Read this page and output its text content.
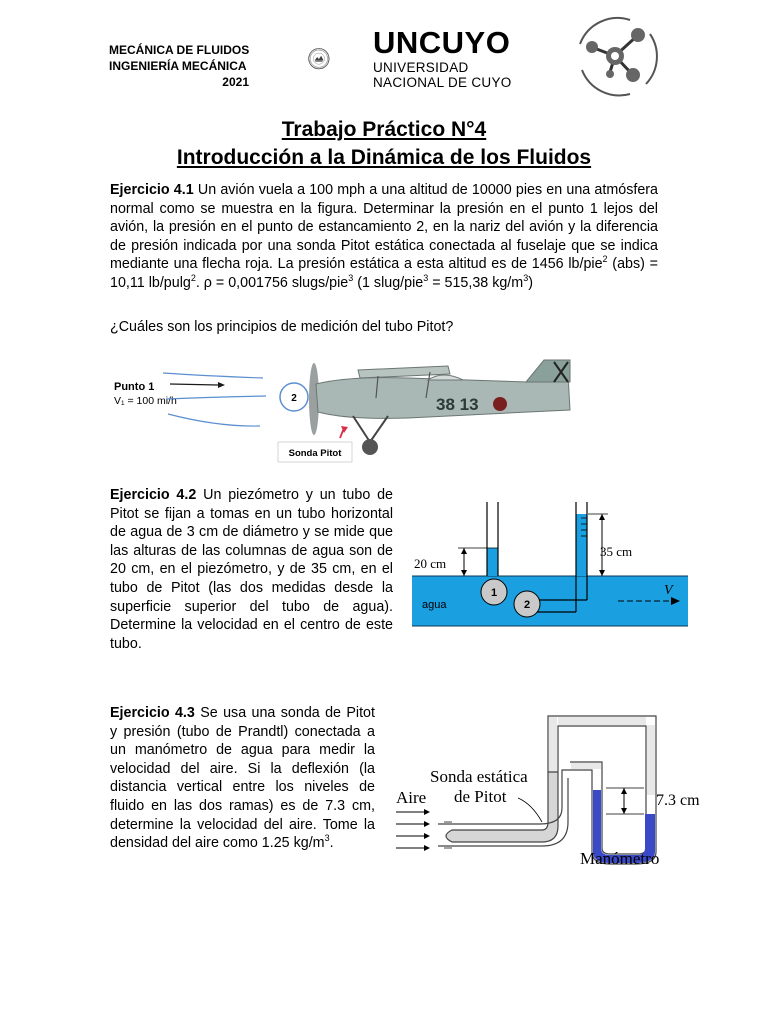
MECÁNICA DE FLUIDOS
INGENIERÍA MECÁNICA
2021
UNCUYO
UNIVERSIDAD
NACIONAL DE CUYO
Trabajo Práctico N°4
Introducción a la Dinámica de los Fluidos
Ejercicio 4.1 Un avión vuela a 100 mph a una altitud de 10000 pies en una atmósfera normal como se muestra en la figura. Determinar la presión en el punto 1 lejos del avión, la presión en el punto de estancamiento 2, en la nariz del avión y la diferencia de presión indicada por una sonda Pitot estática conectada al fuselaje que se indica mediante una flecha roja. La presión estática a esta altitud es de 1456 lb/pie$^2$ (abs) = 10,11 lb/pulg$^2$. ρ = 0,001756 slugs/pie$^3$ (1 slug/pie$^3$ = 515,38 $kg/m^3$)
¿Cuáles son los principios de medición del tubo Pitot?
Punto 1
V₁ = 100 mi/h	2	38 13
Sonda Pitot
Ejercicio 4.2 Un piezómetro y un tubo de Pitot se fijan a tomas en un tubo horizontal de agua de 3 cm de diámetro y se mide que las alturas de las columnas de agua son de 20 cm, en el piezómetro, y de 35 cm, en el tubo de Pitot (las dos medidas desde la superficie superior del tubo de agua). Determine la velocidad en el centro de este tubo.
20 cm
35 cm
agua
1
2
V
Ejercicio 4.3 Se usa una sonda de Pitot y presión (tubo de Prandtl) conectada a un manómetro de agua para medir la velocidad del aire. Si la deflexión (la distancia vertical entre los niveles de fluido en las dos ramas) es de 7.3 cm, determine la velocidad del aire. Tome la densidad del aire como 1.25 $kg/m^3$.
7.3 cm
Aire
Sonda estática
de Pitot
Manómetro
